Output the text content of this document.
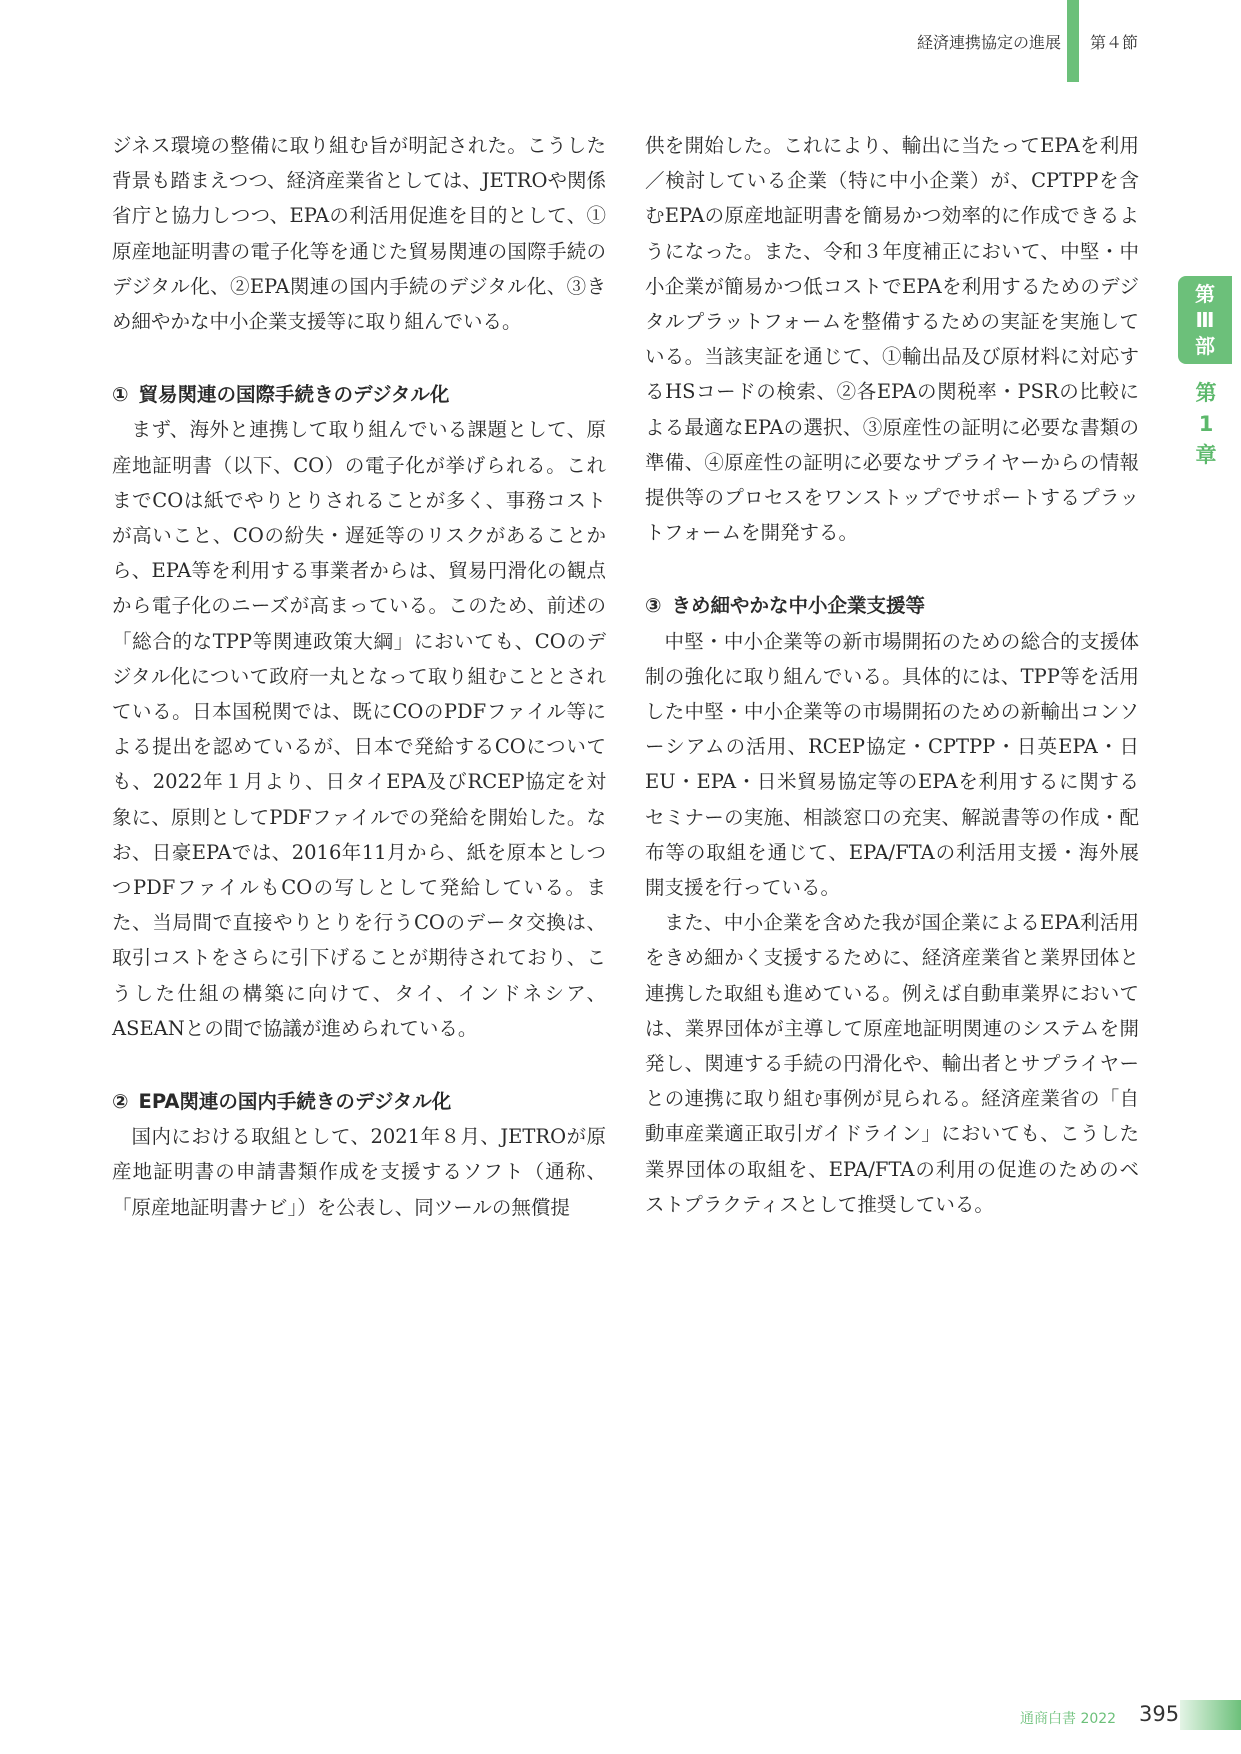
経済連携協定の進展 第４節

ジネス環境の整備に取り組む旨が明記された。こうした背景も踏まえつつ、経済産業省としては、JETROや関係省庁と協力しつつ、EPAの利活用促進を目的として、①原産地証明書の電子化等を通じた貿易関連の国際手続のデジタル化、②EPA関連の国内手続のデジタル化、③きめ細やかな中小企業支援等に取り組んでいる。

① 貿易関連の国際手続きのデジタル化

まず、海外と連携して取り組んでいる課題として、原産地証明書（以下、CO）の電子化が挙げられる。これまでCOは紙でやりとりされることが多く、事務コストが高いこと、COの紛失・遅延等のリスクがあることから、EPA等を利用する事業者からは、貿易円滑化の観点から電子化のニーズが高まっている。このため、前述の「総合的なTPP等関連政策大綱」においても、COのデジタル化について政府一丸となって取り組むこととされている。日本国税関では、既にCOのPDFファイル等による提出を認めているが、日本で発給するCOについても、2022年１月より、日タイEPA及びRCEP協定を対象に、原則としてPDFファイルでの発給を開始した。なお、日豪EPAでは、2016年11月から、紙を原本としつつPDFファイルもCOの写しとして発給している。また、当局間で直接やりとりを行うCOのデータ交換は、取引コストをさらに引下げることが期待されており、こうした仕組の構築に向けて、タイ、インドネシア、ASEANとの間で協議が進められている。

② EPA関連の国内手続きのデジタル化

国内における取組として、2021年８月、JETROが原産地証明書の申請書類作成を支援するソフト（通称、「原産地証明書ナビ」）を公表し、同ツールの無償提

供を開始した。これにより、輸出に当たってEPAを利用／検討している企業（特に中小企業）が、CPTPPを含むEPAの原産地証明書を簡易かつ効率的に作成できるようになった。また、令和３年度補正において、中堅・中小企業が簡易かつ低コストでEPAを利用するためのデジタルプラットフォームを整備するための実証を実施している。当該実証を通じて、①輸出品及び原材料に対応するHSコードの検索、②各EPAの関税率・PSRの比較による最適なEPAの選択、③原産性の証明に必要な書類の準備、④原産性の証明に必要なサプライヤーからの情報提供等のプロセスをワンストップでサポートするプラットフォームを開発する。

③ きめ細やかな中小企業支援等

中堅・中小企業等の新市場開拓のための総合的支援体制の強化に取り組んでいる。具体的には、TPP等を活用した中堅・中小企業等の市場開拓のための新輸出コンソーシアムの活用、RCEP協定・CPTPP・日英EPA・日EU・EPA・日米貿易協定等のEPAを利用するに関するセミナーの実施、相談窓口の充実、解説書等の作成・配布等の取組を通じて、EPA/FTAの利活用支援・海外展開支援を行っている。

また、中小企業を含めた我が国企業によるEPA利活用をきめ細かく支援するために、経済産業省と業界団体と連携した取組も進めている。例えば自動車業界においては、業界団体が主導して原産地証明関連のシステムを開発し、関連する手続の円滑化や、輸出者とサプライヤーとの連携に取り組む事例が見られる。経済産業省の「自動車産業適正取引ガイドライン」においても、こうした業界団体の取組を、EPA/FTAの利用の促進のためのベストプラクティスとして推奨している。

第
Ⅲ
部
第
1
章
通商白書 2022 395
